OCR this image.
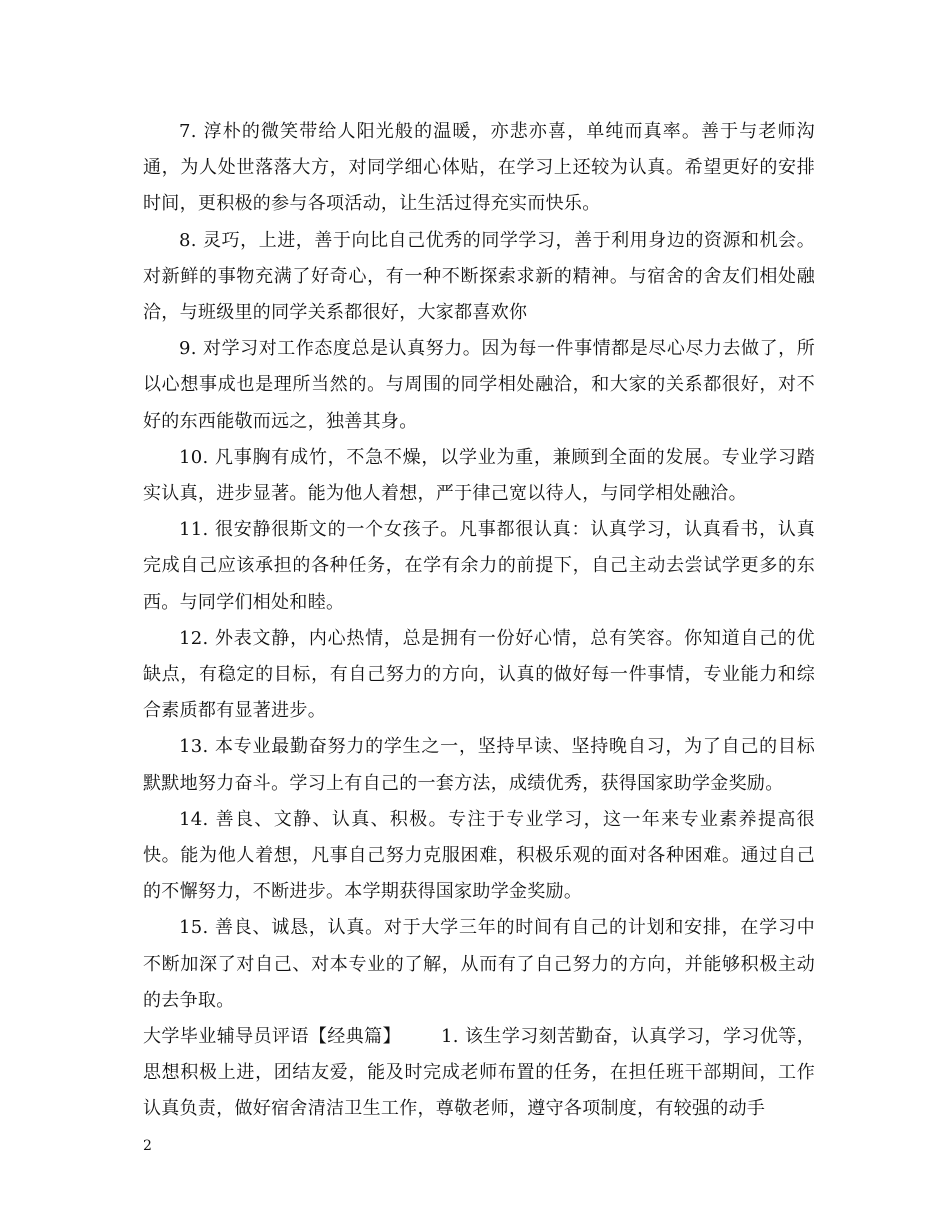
7. 淳朴的微笑带给人阳光般的温暖，亦悲亦喜，单纯而真率。善于与老师沟通，为人处世落落大方，对同学细心体贴，在学习上还较为认真。希望更好的安排时间，更积极的参与各项活动，让生活过得充实而快乐。

8. 灵巧，上进，善于向比自己优秀的同学学习，善于利用身边的资源和机会。对新鲜的事物充满了好奇心，有一种不断探索求新的精神。与宿舍的舍友们相处融洽，与班级里的同学关系都很好，大家都喜欢你

9. 对学习对工作态度总是认真努力。因为每一件事情都是尽心尽力去做了，所以心想事成也是理所当然的。与周围的同学相处融洽，和大家的关系都很好，对不好的东西能敬而远之，独善其身。

10. 凡事胸有成竹，不急不燥，以学业为重，兼顾到全面的发展。专业学习踏实认真，进步显著。能为他人着想，严于律己宽以待人，与同学相处融洽。

11. 很安静很斯文的一个女孩子。凡事都很认真：认真学习，认真看书，认真完成自己应该承担的各种任务，在学有余力的前提下，自己主动去尝试学更多的东西。与同学们相处和睦。

12. 外表文静，内心热情，总是拥有一份好心情，总有笑容。你知道自己的优缺点，有稳定的目标，有自己努力的方向，认真的做好每一件事情，专业能力和综合素质都有显著进步。

13. 本专业最勤奋努力的学生之一，坚持早读、坚持晚自习，为了自己的目标默默地努力奋斗。学习上有自己的一套方法，成绩优秀，获得国家助学金奖励。

14. 善良、文静、认真、积极。专注于专业学习，这一年来专业素养提高很快。能为他人着想，凡事自己努力克服困难，积极乐观的面对各种困难。通过自己的不懈努力，不断进步。本学期获得国家助学金奖励。

15. 善良、诚恳，认真。对于大学三年的时间有自己的计划和安排，在学习中不断加深了对自己、对本专业的了解，从而有了自己努力的方向，并能够积极主动的去争取。

大学毕业辅导员评语【经典篇】 1. 该生学习刻苦勤奋，认真学习，学习优等，思想积极上进，团结友爱，能及时完成老师布置的任务，在担任班干部期间，工作认真负责，做好宿舍清洁卫生工作，尊敬老师，遵守各项制度，有较强的动手

2
